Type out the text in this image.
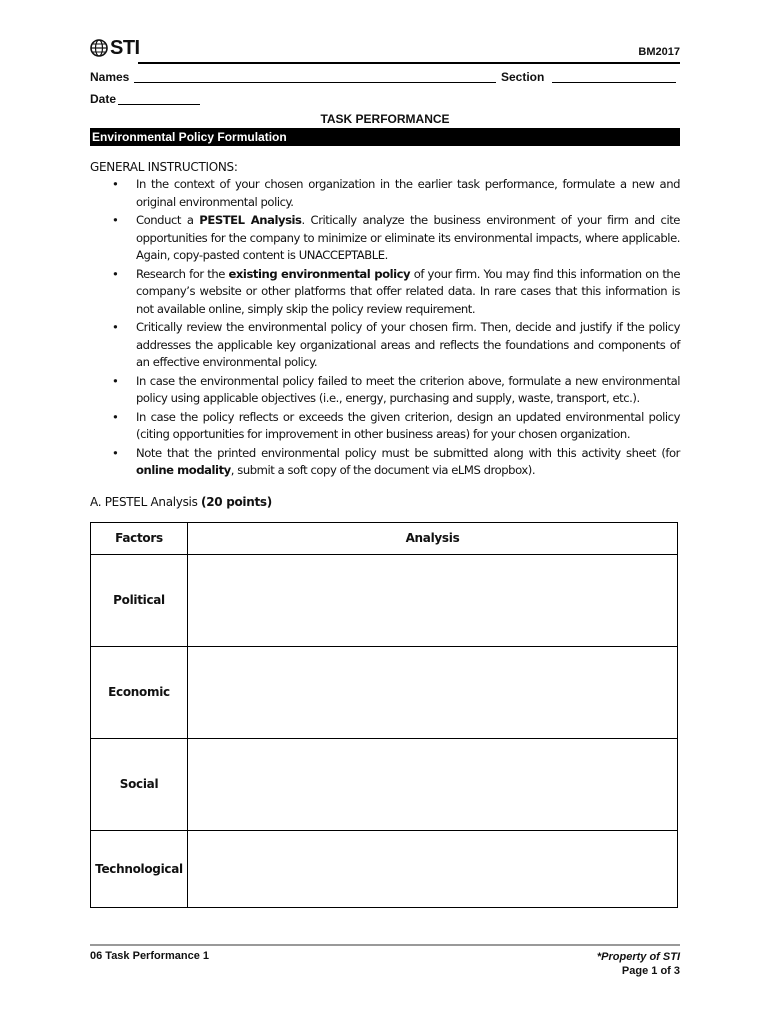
STI	BM2017
Names	Section
Date
TASK PERFORMANCE
Environmental Policy Formulation
GENERAL INSTRUCTIONS:
• In the context of your chosen organization in the earlier task performance, formulate a new and original environmental policy.
• Conduct a PESTEL Analysis. Critically analyze the business environment of your firm and cite opportunities for the company to minimize or eliminate its environmental impacts, where applicable. Again, copy-pasted content is UNACCEPTABLE.
• Research for the existing environmental policy of your firm. You may find this information on the company’s website or other platforms that offer related data. In rare cases that this information is not available online, simply skip the policy review requirement.
• Critically review the environmental policy of your chosen firm. Then, decide and justify if the policy addresses the applicable key organizational areas and reflects the foundations and components of an effective environmental policy.
• In case the environmental policy failed to meet the criterion above, formulate a new environmental policy using applicable objectives (i.e., energy, purchasing and supply, waste, transport, etc.).
• In case the policy reflects or exceeds the given criterion, design an updated environmental policy (citing opportunities for improvement in other business areas) for your chosen organization.
• Note that the printed environmental policy must be submitted along with this activity sheet (for online modality, submit a soft copy of the document via eLMS dropbox).
A. PESTEL Analysis (20 points)
Factors	Analysis
Political	
Economic	
Social	
Technological	
06 Task Performance 1	*Property of STI
Page 1 of 3
